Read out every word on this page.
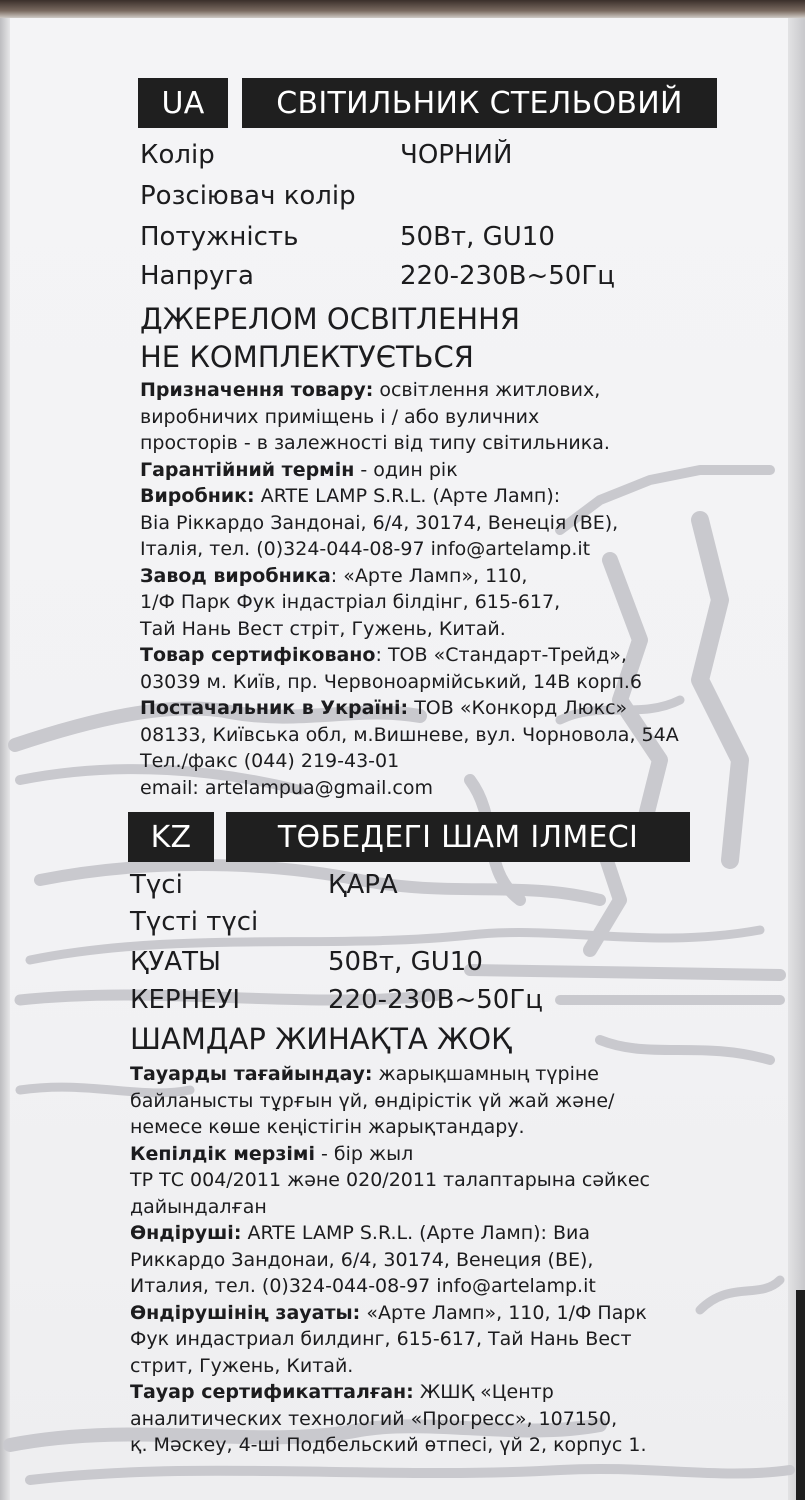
UA	СВІТИЛЬНИК СТЕЛЬОВИЙ
Колір	ЧОРНИЙ
Розсіювач колір
Потужність	50Вт, GU10
Напруга	220-230В~50Гц
ДЖЕРЕЛОМ ОСВІТЛЕННЯ
НЕ КОМПЛЕКТУЄТЬСЯ
Призначення товару: освітлення житлових,
виробничих приміщень і / або вуличних
просторів - в залежності від типу світильника.
Гарантійний термін - один рік
Виробник: ARTE LAMP S.R.L. (Арте Ламп):
Віа Ріккардо Зандонаі, 6/4, 30174, Венеція (ВЕ),
Італія, тел. (0)324-044-08-97 info@artelamp.it
Завод виробника: «Арте Ламп», 110,
1/Ф Парк Фук індастріал білдінг, 615-617,
Тай Нань Вест стріт, Гужень, Китай.
Товар сертифіковано: ТОВ «Стандарт-Трейд»,
03039 м. Київ, пр. Червоноармійський, 14В корп.6
Постачальник в Україні: ТОВ «Конкорд Люкс»
08133, Київська обл, м.Вишневе, вул. Чорновола, 54А
Тел./факс (044) 219-43-01
email: artelampua@gmail.com
KZ	ТӨБЕДЕГІ ШАМ ІЛМЕСІ
Түсі	ҚАРА
Түсті түсі
ҚУАТЫ	50Вт, GU10
КЕРНЕУІ	220-230В~50Гц
ШАМДАР ЖИНАҚТА ЖОҚ
Тауарды тағайындау: жарықшамның түріне
байланысты тұрғын үй, өндірістік үй жай және/
немесе көше кеңістігін жарықтандару.
Кепілдік мерзімі - бір жыл
ТР ТС 004/2011 және 020/2011 талаптарына сәйкес
дайындалған
Өндіруші: ARTE LAMP S.R.L. (Арте Ламп): Виа
Риккардо Зандонаи, 6/4, 30174, Венеция (ВЕ),
Италия, тел. (0)324-044-08-97 info@artelamp.it
Өндірушінің зауаты: «Арте Ламп», 110, 1/Ф Парк
Фук индастриал билдинг, 615-617, Тай Нань Вест
стрит, Гужень, Китай.
Тауар сертификатталған: ЖШҚ «Центр
аналитических технологий «Прогресс», 107150,
қ. Мәскеу, 4-ші Подбельский өтпесі, үй 2, корпус 1.
